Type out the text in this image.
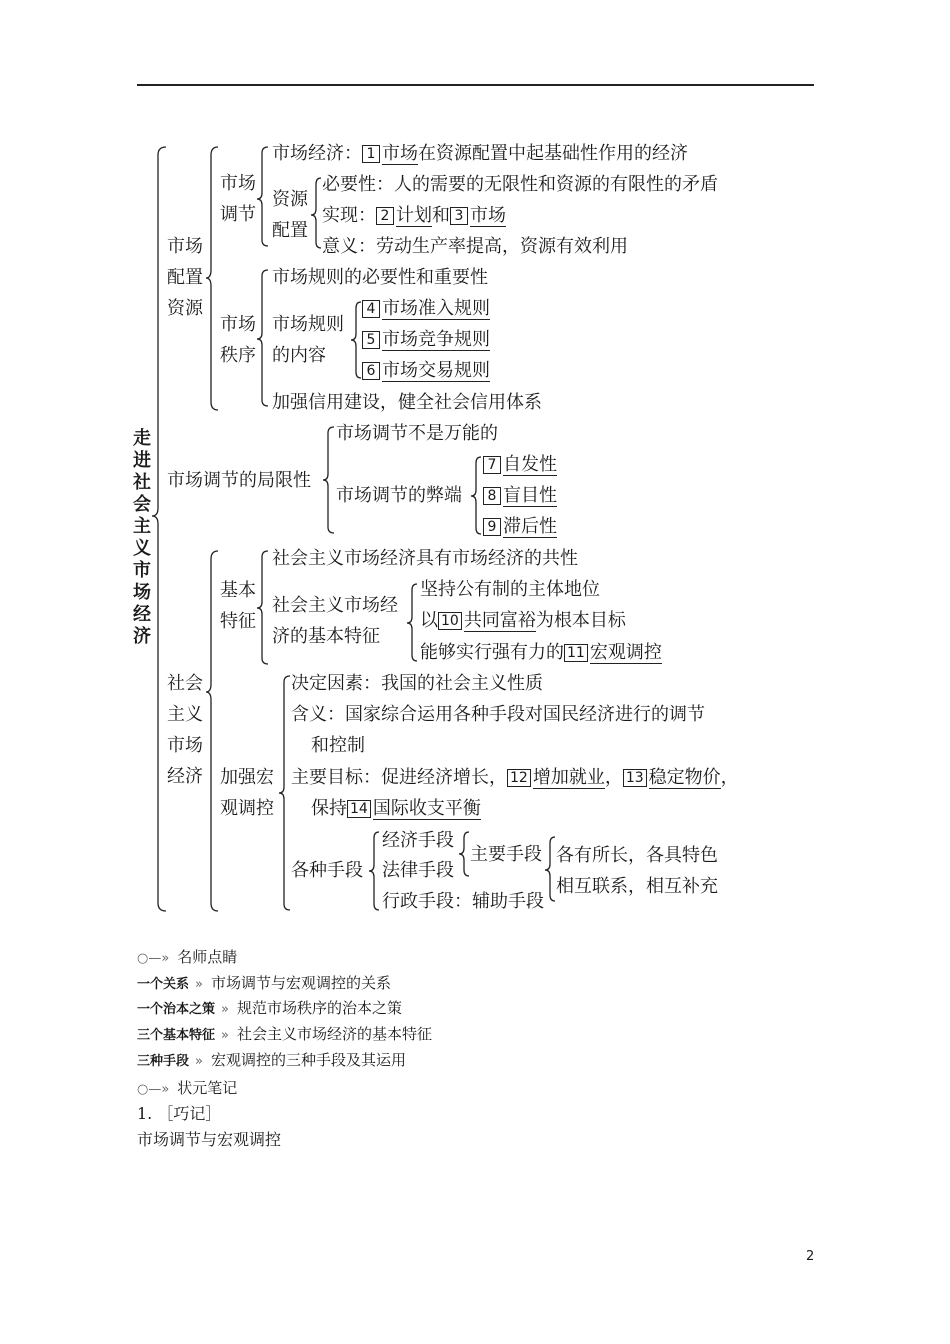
走进社会主义市场经济
市场配置资源
市场调节
市场经济： 1 市场在资源配置中起基础性作用的经济
资源配置
必要性：人的需要的无限性和资源的有限性的矛盾
实现： 2 计划和 3 市场
意义：劳动生产率提高，资源有效利用
市场秩序
市场规则的必要性和重要性
市场规则的内容
4 市场准入规则
5 市场竞争规则
6 市场交易规则
加强信用建设，健全社会信用体系
市场调节的局限性
市场调节不是万能的
市场调节的弊端
7 自发性
8 盲目性
9 滞后性
社会主义市场经济
基本特征
社会主义市场经济具有市场经济的共性
社会主义市场经济的基本特征
坚持公有制的主体地位
以 10 共同富裕为根本目标
能够实行强有力的 11 宏观调控
加强宏观调控
决定因素：我国的社会主义性质
含义：国家综合运用各种手段对国民经济进行的调节
和控制
主要目标：促进经济增长， 12 增加就业， 13 稳定物价，
保持 14 国际收支平衡
各种手段
经济手段
法律手段
行政手段：辅助手段
主要手段 各有所长，各具特色
相互联系，相互补充
○—» 名师点睛
一个关系 » 市场调节与宏观调控的关系
一个治本之策 » 规范市场秩序的治本之策
三个基本特征 » 社会主义市场经济的基本特征
三种手段 » 宏观调控的三种手段及其运用
○—» 状元笔记
1. ［巧记］
市场调节与宏观调控
2
